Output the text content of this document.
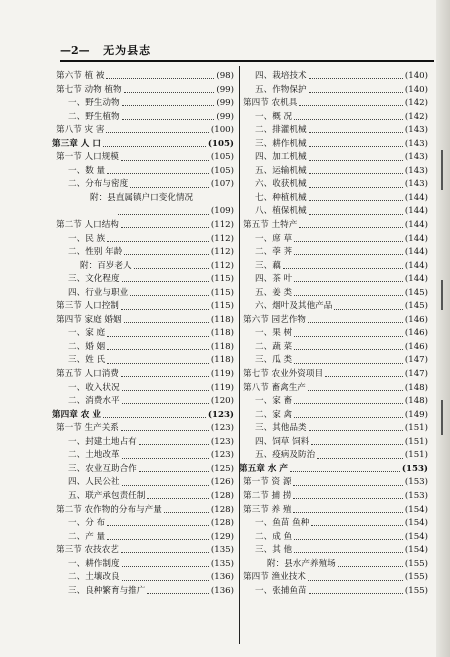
—2— 无为县志
第六节 植 被	(98)
第七节 动物 植物	(99)
一、野生动物	(99)
二、野生植物	(99)
第八节 灾 害	(100)
第三章 人 口	(105)
第一节 人口规模	(105)
一、数 量	(105)
二、分布与密度	(107)
附：县直属镇户口变化情况
(109)
第二节 人口结构	(112)
一、民 族	(112)
二、性别 年龄	(112)
附：百岁老人	(112)
三、文化程度	(115)
四、行业与职业	(115)
第三节 人口控制	(115)
第四节 家庭 婚姻	(118)
一、家 庭	(118)
二、婚 姻	(118)
三、姓 氏	(118)
第五节 人口消费	(119)
一、收入状况	(119)
二、消费水平	(120)
第四章 农 业	(123)
第一节 生产关系	(123)
一、封建土地占有	(123)
二、土地改革	(123)
三、农业互助合作	(125)
四、人民公社	(126)
五、联产承包责任制	(128)
第二节 农作物的分布与产量	(128)
一、分 布	(128)
二、产 量	(129)
第三节 农技农艺	(135)
一、耕作制度	(135)
二、土壤改良	(136)
三、良种繁育与推广	(136)
四、栽培技术	(140)
五、作物保护	(140)
第四节 农机具	(142)
一、概 况	(142)
二、排灌机械	(143)
三、耕作机械	(143)
四、加工机械	(143)
五、运输机械	(143)
六、收获机械	(143)
七、种植机械	(144)
八、植保机械	(144)
第五节 土特产	(144)
一、席 草	(144)
二、荸 荠	(144)
三、藕	(144)
四、茶 叶	(144)
五、姜 类	(145)
六、烟叶及其他产品	(145)
第六节 园艺作物	(146)
一、果 树	(146)
二、蔬 菜	(146)
三、瓜 类	(147)
第七节 农业外资项目	(147)
第八节 畜禽生产	(148)
一、家 畜	(148)
二、家 禽	(149)
三、其他品类	(151)
四、饲草 饲料	(151)
五、疫病及防治	(151)
第五章 水 产	(153)
第一节 资 源	(153)
第二节 捕 捞	(153)
第三节 养 殖	(154)
一、鱼苗 鱼种	(154)
二、成 鱼	(154)
三、其 他	(154)
附：县水产养殖场	(155)
第四节 渔业技术	(155)
一、张捕鱼苗	(155)
